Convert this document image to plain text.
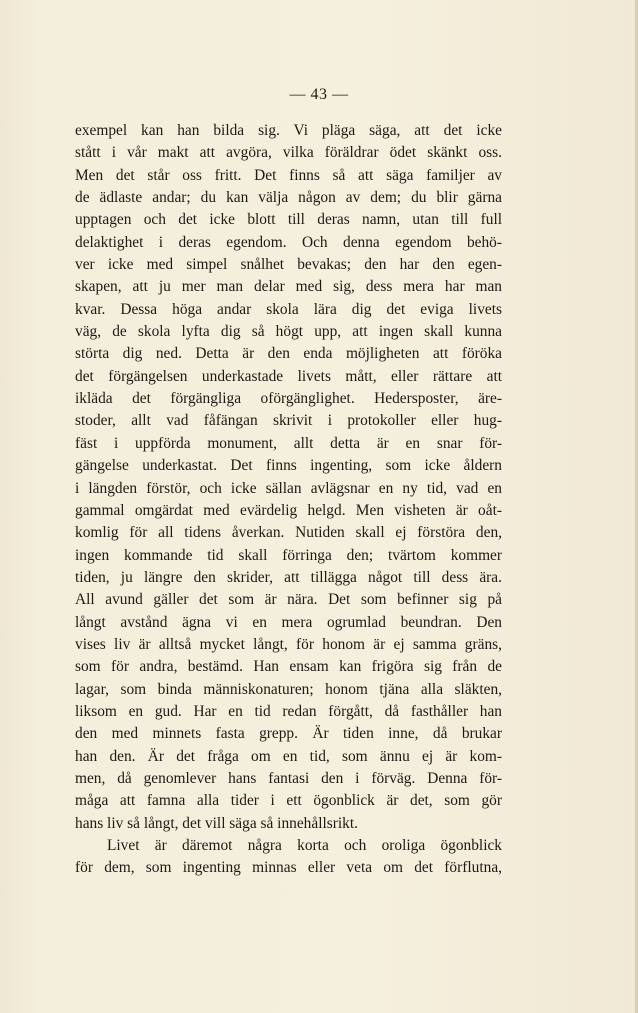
— 43 —
exempel kan han bilda sig. Vi pläga säga, att det icke
stått i vår makt att avgöra, vilka föräldrar ödet skänkt oss.
Men det står oss fritt. Det finns så att säga familjer av
de ädlaste andar; du kan välja någon av dem; du blir gärna
upptagen och det icke blott till deras namn, utan till full
delaktighet i deras egendom. Och denna egendom behö-
ver icke med simpel snålhet bevakas; den har den egen-
skapen, att ju mer man delar med sig, dess mera har man
kvar. Dessa höga andar skola lära dig det eviga livets
väg, de skola lyfta dig så högt upp, att ingen skall kunna
störta dig ned. Detta är den enda möjligheten att föröka
det förgängelsen underkastade livets mått, eller rättare att
ikläda det förgängliga oförgänglighet. Hedersposter, äre-
stoder, allt vad fåfängan skrivit i protokoller eller hug-
fäst i uppförda monument, allt detta är en snar för-
gängelse underkastat. Det finns ingenting, som icke åldern
i längden förstör, och icke sällan avlägsnar en ny tid, vad en
gammal omgärdat med evärdelig helgd. Men visheten är oåt-
komlig för all tidens åverkan. Nutiden skall ej förstöra den,
ingen kommande tid skall förringa den; tvärtom kommer
tiden, ju längre den skrider, att tillägga något till dess ära.
All avund gäller det som är nära. Det som befinner sig på
långt avstånd ägna vi en mera ogrumlad beundran. Den
vises liv är alltså mycket långt, för honom är ej samma gräns,
som för andra, bestämd. Han ensam kan frigöra sig från de
lagar, som binda människonaturen; honom tjäna alla släkten,
liksom en gud. Har en tid redan förgått, då fasthåller han
den med minnets fasta grepp. Är tiden inne, då brukar
han den. Är det fråga om en tid, som ännu ej är kom-
men, då genomlever hans fantasi den i förväg. Denna för-
måga att famna alla tider i ett ögonblick är det, som gör
hans liv så långt, det vill säga så innehållsrikt.
Livet är däremot några korta och oroliga ögonblick
för dem, som ingenting minnas eller veta om det förflutna,
